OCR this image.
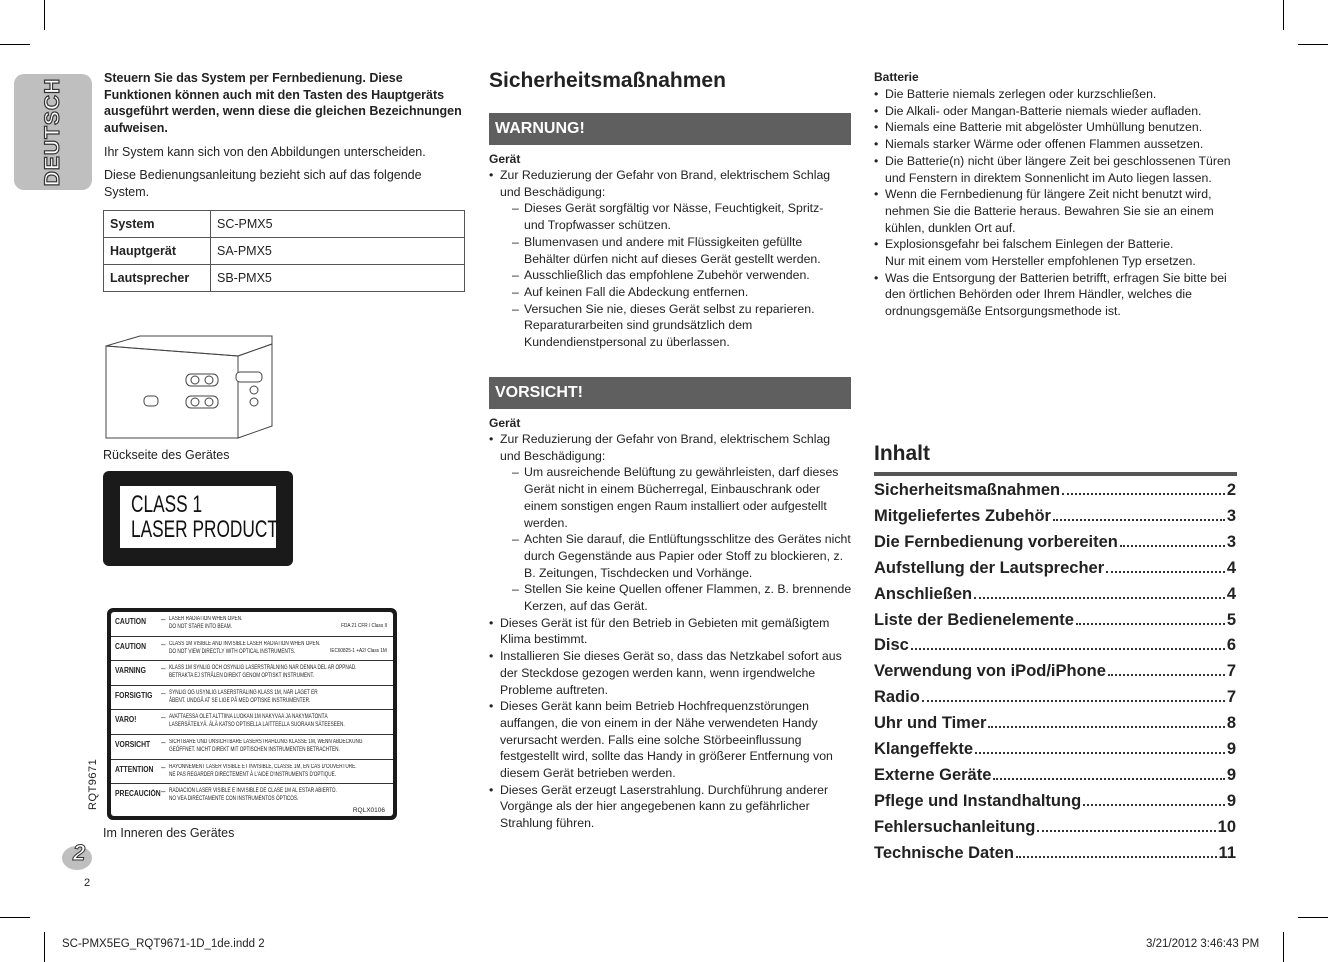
DEUTSCH	Steuern Sie das System per Fernbedienung. Diese Funktionen können auch mit den Tasten des Hauptgeräts ausgeführt werden, wenn diese die gleichen Bezeichnungen aufweisen.
Ihr System kann sich von den Abbildungen unterscheiden.
Diese Bedienungsanleitung bezieht sich auf das folgende System.
System	SC-PMX5
Hauptgerät	SA-PMX5
Lautsprecher	SB-PMX5
Rückseite des Gerätes
CLASS 1
LASER PRODUCT
CAUTION – LASER RADIATION WHEN OPEN.
DO NOT STARE INTO BEAM.	FDA 21 CFR / Class II
CAUTION – CLASS 1M VISIBLE AND INVISIBLE LASER RADIATION WHEN OPEN.
DO NOT VIEW DIRECTLY WITH OPTICAL INSTRUMENTS.	IEC60825-1 +A2/ Class 1M
VARNING – KLASS 1M SYNLIG OCH OSYNLIG LASERSTRÅLNING NÄR DENNA DEL ÄR ÖPPNAD.
BETRAKTA EJ STRÅLEN DIREKT GENOM OPTISKT INSTRUMENT.
FORSIGTIG – SYNLIG OG USYNLIG LASERSTRÅLING KLASS 1M, NÅR LÅGET ER
ÅBENT. UNDGÅ AT SE LIGE PÅ MED OPTISKE INSTRUMENTER.
VARO!	– AVATTAESSA OLET ALTTIINA LUOKAN 1M NÄKYVÄÄ JA NÄKYMÄTÖNTÄ
LASERSÄTEILYÄ. ÄLÄ KATSO OPTISELLA LAITTEELLA SUORAAN SÄTEESEEN.
VORSICHT – SICHTBARE UND UNSICHTBARE LASERSTRAHLUNG KLASSE 1M, WENN ABDECKUNG
GEÖFFNET. NICHT DIREKT MIT OPTISCHEN INSTRUMENTEN BETRACHTEN.
ATTENTION – RAYONNEMENT LASER VISIBLE ET INVISIBLE, CLASSE 1M, EN CAS D'OUVERTURE.
NE PAS REGARDER DIRECTEMENT À L'AIDE D'INSTRUMENTS D'OPTIQUE.
PRECAUCIÓN – RADIACIÓN LASER VISIBLE E INVISIBLE DE CLASE 1M AL ESTAR ABIERTO.
NO VEA DIRECTAMENTE CON INSTRUMENTOS ÓPTICOS.
RQLX0106
Im Inneren des Gerätes
RQT9671
2
2
Sicherheitsmaßnahmen
WARNUNG!
Gerät
• Zur Reduzierung der Gefahr von Brand, elektrischem Schlag und Beschädigung:
– Dieses Gerät sorgfältig vor Nässe, Feuchtigkeit, Spritz- und Tropfwasser schützen.
– Blumenvasen und andere mit Flüssigkeiten gefüllte Behälter dürfen nicht auf dieses Gerät gestellt werden.
– Ausschließlich das empfohlene Zubehör verwenden.
– Auf keinen Fall die Abdeckung entfernen.
– Versuchen Sie nie, dieses Gerät selbst zu reparieren. Reparaturarbeiten sind grundsätzlich dem Kundendienstpersonal zu überlassen.
VORSICHT!
Gerät
• Zur Reduzierung der Gefahr von Brand, elektrischem Schlag und Beschädigung:
– Um ausreichende Belüftung zu gewährleisten, darf dieses Gerät nicht in einem Bücherregal, Einbauschrank oder einem sonstigen engen Raum installiert oder aufgestellt werden.
– Achten Sie darauf, die Entlüftungsschlitze des Gerätes nicht durch Gegenstände aus Papier oder Stoff zu blockieren, z. B. Zeitungen, Tischdecken und Vorhänge.
– Stellen Sie keine Quellen offener Flammen, z. B. brennende Kerzen, auf das Gerät.
• Dieses Gerät ist für den Betrieb in Gebieten mit gemäßigtem Klima bestimmt.
• Installieren Sie dieses Gerät so, dass das Netzkabel sofort aus der Steckdose gezogen werden kann, wenn irgendwelche Probleme auftreten.
• Dieses Gerät kann beim Betrieb Hochfrequenzstörungen auffangen, die von einem in der Nähe verwendeten Handy verursacht werden. Falls eine solche Störbeeinflussung festgestellt wird, sollte das Handy in größerer Entfernung von diesem Gerät betrieben werden.
• Dieses Gerät erzeugt Laserstrahlung. Durchführung anderer Vorgänge als der hier angegebenen kann zu gefährlicher Strahlung führen.
Batterie
• Die Batterie niemals zerlegen oder kurzschließen.
• Die Alkali- oder Mangan-Batterie niemals wieder aufladen.
• Niemals eine Batterie mit abgelöster Umhüllung benutzen.
• Niemals starker Wärme oder offenen Flammen aussetzen.
• Die Batterie(n) nicht über längere Zeit bei geschlossenen Türen und Fenstern in direktem Sonnenlicht im Auto liegen lassen.
• Wenn die Fernbedienung für längere Zeit nicht benutzt wird, nehmen Sie die Batterie heraus. Bewahren Sie sie an einem kühlen, dunklen Ort auf.
• Explosionsgefahr bei falschem Einlegen der Batterie.
Nur mit einem vom Hersteller empfohlenen Typ ersetzen.
• Was die Entsorgung der Batterien betrifft, erfragen Sie bitte bei den örtlichen Behörden oder Ihrem Händler, welches die ordnungsgemäße Entsorgungsmethode ist.
Inhalt
Sicherheitsmaßnahmen	2
Mitgeliefertes Zubehör	3
Die Fernbedienung vorbereiten	3
Aufstellung der Lautsprecher	4
Anschließen	4
Liste der Bedienelemente	5
Disc	6
Verwendung von iPod/iPhone	7
Radio	7
Uhr und Timer	8
Klangeffekte	9
Externe Geräte	9
Pflege und Instandhaltung	9
Fehlersuchanleitung	10
Technische Daten	11
SC-PMX5EG_RQT9671-1D_1de.indd 2	3/21/2012 3:46:43 PM
